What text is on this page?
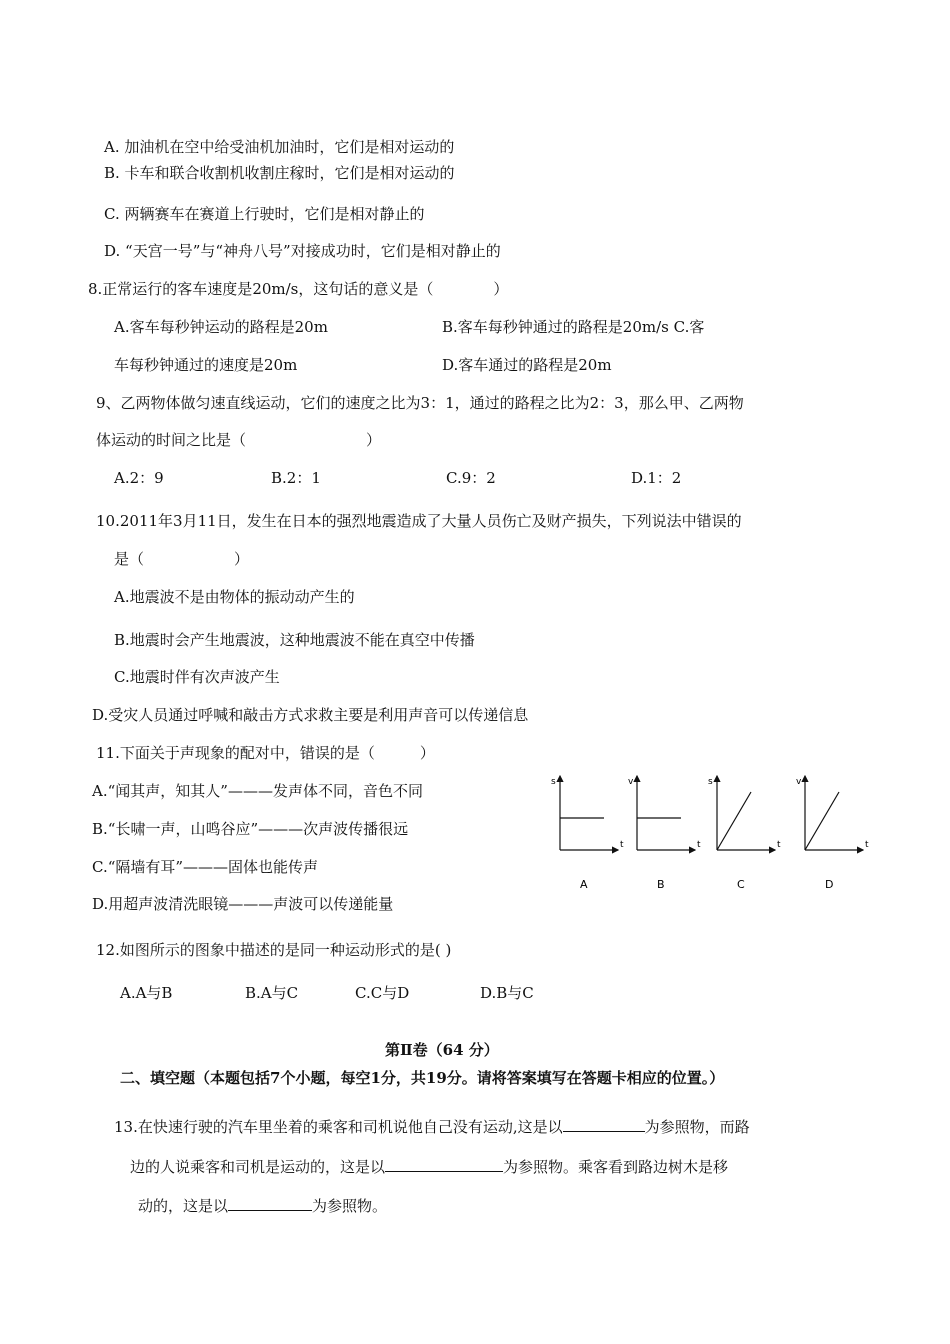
A. 加油机在空中给受油机加油时，它们是相对运动的
B. 卡车和联合收割机收割庄稼时，它们是相对运动的
C. 两辆赛车在赛道上行驶时，它们是相对静止的
D. “天宫一号”与“神舟八号”对接成功时，它们是相对静止的
8.正常运行的客车速度是20m/s，这句话的意义是（　　　　）
A.客车每秒钟运动的路程是20m	B.客车每秒钟通过的路程是20m/s C.客
车每秒钟通过的速度是20m	D.客车通过的路程是20m
9、乙两物体做匀速直线运动，它们的速度之比为3：1，通过的路程之比为2：3，那么甲、乙两物
体运动的时间之比是（　　　　　　　　）
A.2：9	B.2：1	C.9：2	D.1：2
10.2011年3月11日，发生在日本的强烈地震造成了大量人员伤亡及财产损失，下列说法中错误的
是（　　　　　　）
A.地震波不是由物体的振动动产生的
B.地震时会产生地震波，这种地震波不能在真空中传播
C.地震时伴有次声波产生
D.受灾人员通过呼喊和敲击方式求救主要是利用声音可以传递信息
11.下面关于声现象的配对中，错误的是（　　　）
A.“闻其声，知其人”———发声体不同，音色不同
B.“长啸一声，山鸣谷应”———次声波传播很远
C.“隔墙有耳”———固体也能传声
D.用超声波清洗眼镜———声波可以传递能量
s
t
A
v
t
B
s
t
C
v
t
D
12.如图所示的图象中描述的是同一种运动形式的是( )
A.A与B	B.A与C	C.C与D	D.B与C
第Ⅱ卷（64 分）
二、填空题（本题包括7个小题，每空1分，共19分。请将答案填写在答题卡相应的位置。）
13.在快速行驶的汽车里坐着的乘客和司机说他自己没有运动,这是以	为参照物，而路
边的人说乘客和司机是运动的，这是以	为参照物。乘客看到路边树木是移
动的，这是以	为参照物。
